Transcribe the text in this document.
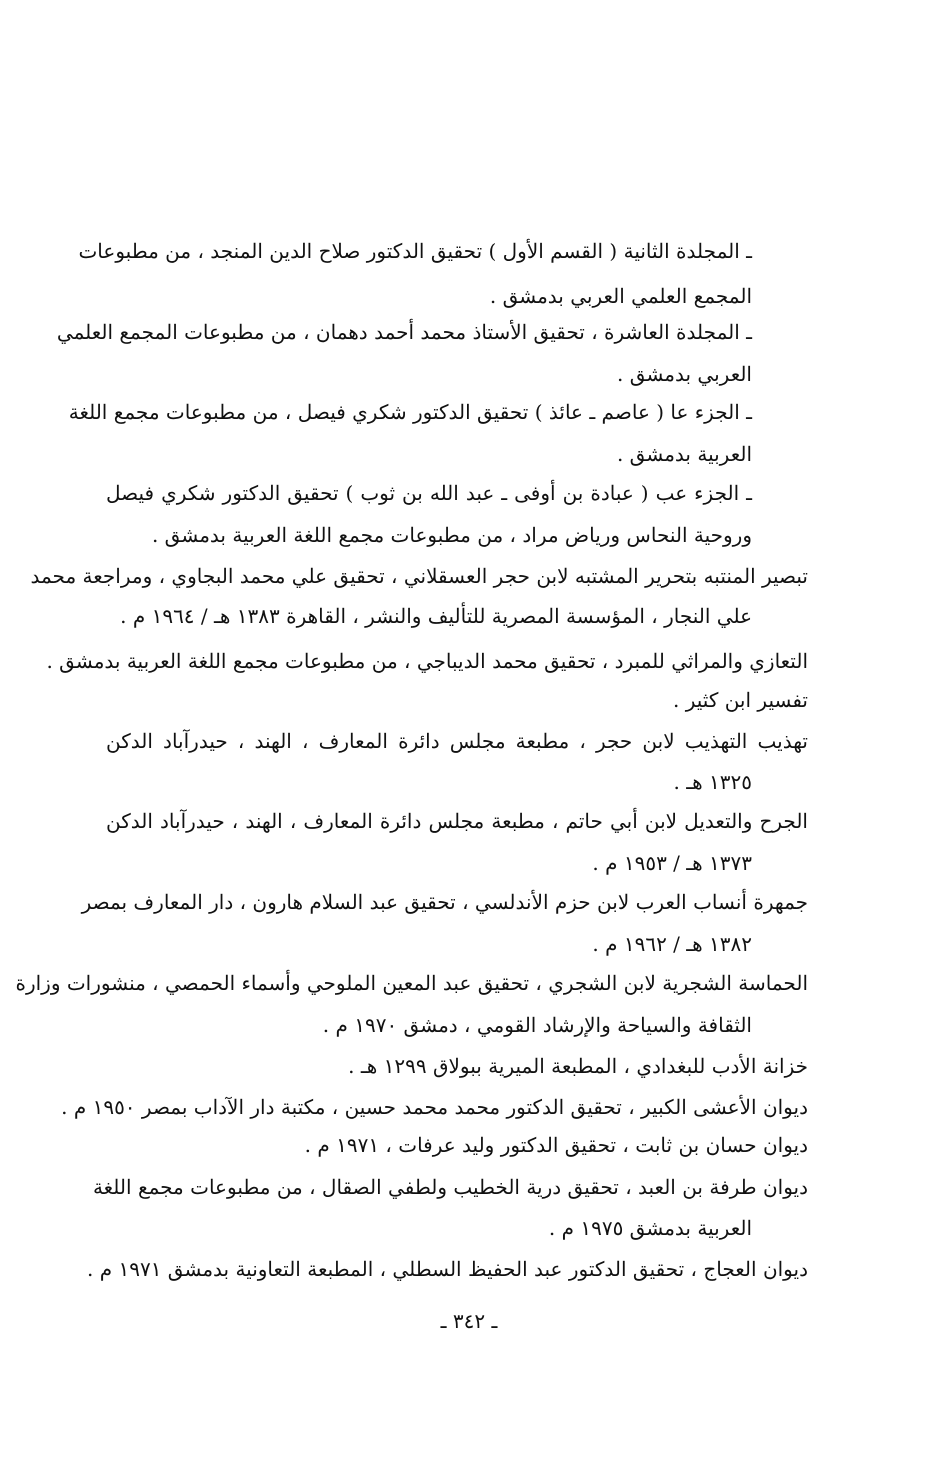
ـ المجلدة الثانية ( القسم الأول ) تحقيق الدكتور صلاح الدين المنجد ، من مطبوعات
المجمع العلمي العربي بدمشق .
ـ المجلدة العاشرة ، تحقيق الأستاذ محمد أحمد دهمان ، من مطبوعات المجمع العلمي
العربي بدمشق .
ـ الجزء عا ( عاصم ـ عائذ ) تحقيق الدكتور شكري فيصل ، من مطبوعات مجمع اللغة
العربية بدمشق .
ـ الجزء عب ( عبادة بن أوفى ـ عبد الله بن ثوب ) تحقيق الدكتور شكري فيصل
وروحية النحاس ورياض مراد ، من مطبوعات مجمع اللغة العربية بدمشق .
تبصير المنتبه بتحرير المشتبه لابن حجر العسقلاني ، تحقيق علي محمد البجاوي ، ومراجعة محمد
علي النجار ، المؤسسة المصرية للتأليف والنشر ، القاهرة ١٣٨٣ هـ / ١٩٦٤ م .
التعازي والمراثي للمبرد ، تحقيق محمد الديباجي ، من مطبوعات مجمع اللغة العربية بدمشق .
تفسير ابن كثير .
تهذيب التهذيب لابن حجر ، مطبعة مجلس دائرة المعارف ، الهند ، حيدرآباد الدكن
١٣٢٥ هـ .
الجرح والتعديل لابن أبي حاتم ، مطبعة مجلس دائرة المعارف ، الهند ، حيدرآباد الدكن
١٣٧٣ هـ / ١٩٥٣ م .
جمهرة أنساب العرب لابن حزم الأندلسي ، تحقيق عبد السلام هارون ، دار المعارف بمصر
١٣٨٢ هـ / ١٩٦٢ م .
الحماسة الشجرية لابن الشجري ، تحقيق عبد المعين الملوحي وأسماء الحمصي ، منشورات وزارة
الثقافة والسياحة والإرشاد القومي ، دمشق ١٩٧٠ م .
خزانة الأدب للبغدادي ، المطبعة الميرية ببولاق ١٢٩٩ هـ .
ديوان الأعشى الكبير ، تحقيق الدكتور محمد محمد حسين ، مكتبة دار الآداب بمصر ١٩٥٠ م .
ديوان حسان بن ثابت ، تحقيق الدكتور وليد عرفات ، ١٩٧١ م .
ديوان طرفة بن العبد ، تحقيق درية الخطيب ولطفي الصقال ، من مطبوعات مجمع اللغة
العربية بدمشق ١٩٧٥ م .
ديوان العجاج ، تحقيق الدكتور عبد الحفيظ السطلي ، المطبعة التعاونية بدمشق ١٩٧١ م .
ـ ٣٤٢ ـ
